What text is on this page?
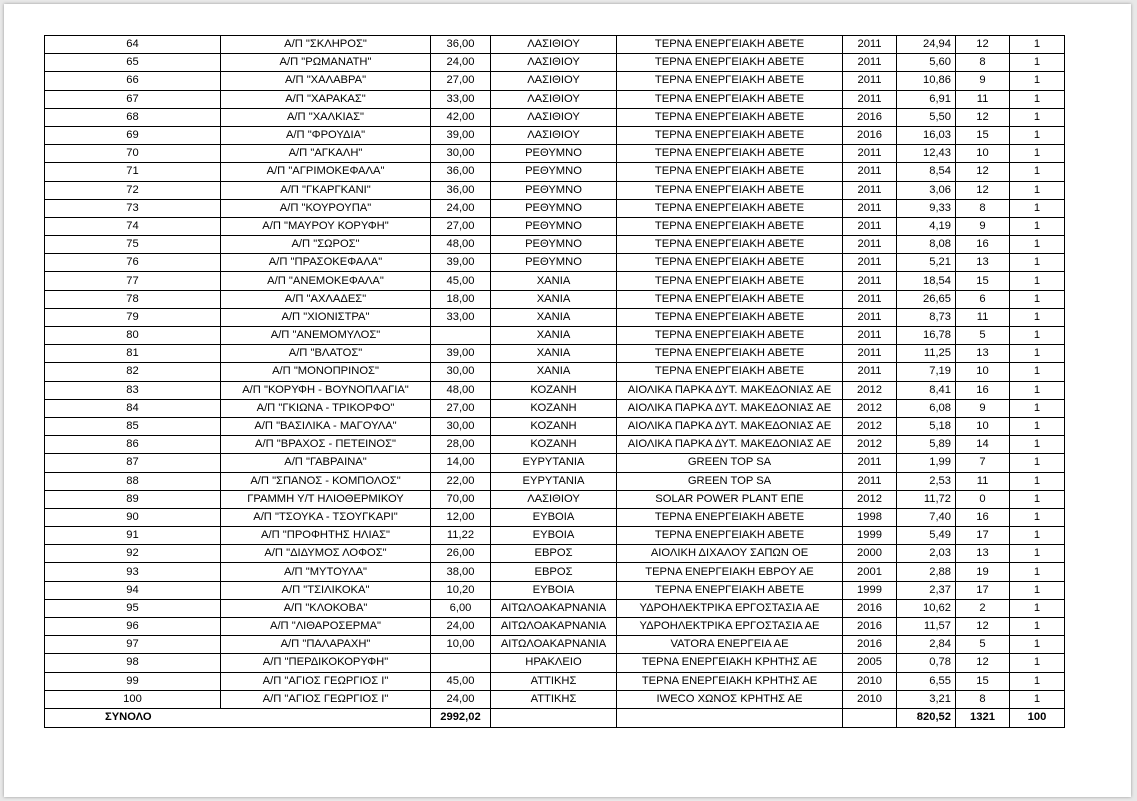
64	Α/Π "ΣΚΛΗΡΟΣ"	36,00	ΛΑΣΙΘΙΟΥ	ΤΕΡΝΑ ΕΝΕΡΓΕΙΑΚΗ ΑΒΕΤΕ	2011	24,94	12	1
65	Α/Π "ΡΩΜΑΝΑΤΗ"	24,00	ΛΑΣΙΘΙΟΥ	ΤΕΡΝΑ ΕΝΕΡΓΕΙΑΚΗ ΑΒΕΤΕ	2011	5,60	8	1
66	Α/Π "ΧΑΛΑΒΡΑ"	27,00	ΛΑΣΙΘΙΟΥ	ΤΕΡΝΑ ΕΝΕΡΓΕΙΑΚΗ ΑΒΕΤΕ	2011	10,86	9	1
67	Α/Π "ΧΑΡΑΚΑΣ"	33,00	ΛΑΣΙΘΙΟΥ	ΤΕΡΝΑ ΕΝΕΡΓΕΙΑΚΗ ΑΒΕΤΕ	2011	6,91	11	1
68	Α/Π "ΧΑΛΚΙΑΣ"	42,00	ΛΑΣΙΘΙΟΥ	ΤΕΡΝΑ ΕΝΕΡΓΕΙΑΚΗ ΑΒΕΤΕ	2016	5,50	12	1
69	Α/Π "ΦΡΟΥΔΙΑ"	39,00	ΛΑΣΙΘΙΟΥ	ΤΕΡΝΑ ΕΝΕΡΓΕΙΑΚΗ ΑΒΕΤΕ	2016	16,03	15	1
70	Α/Π "ΑΓΚΑΛΗ"	30,00	ΡΕΘΥΜΝΟ	ΤΕΡΝΑ ΕΝΕΡΓΕΙΑΚΗ ΑΒΕΤΕ	2011	12,43	10	1
71	Α/Π "ΑΓΡΙΜΟΚΕΦΑΛΑ"	36,00	ΡΕΘΥΜΝΟ	ΤΕΡΝΑ ΕΝΕΡΓΕΙΑΚΗ ΑΒΕΤΕ	2011	8,54	12	1
72	Α/Π "ΓΚΑΡΓΚΑΝΙ"	36,00	ΡΕΘΥΜΝΟ	ΤΕΡΝΑ ΕΝΕΡΓΕΙΑΚΗ ΑΒΕΤΕ	2011	3,06	12	1
73	Α/Π "ΚΟΥΡΟΥΠΑ"	24,00	ΡΕΘΥΜΝΟ	ΤΕΡΝΑ ΕΝΕΡΓΕΙΑΚΗ ΑΒΕΤΕ	2011	9,33	8	1
74	Α/Π "ΜΑΥΡΟΥ ΚΟΡΥΦΗ"	27,00	ΡΕΘΥΜΝΟ	ΤΕΡΝΑ ΕΝΕΡΓΕΙΑΚΗ ΑΒΕΤΕ	2011	4,19	9	1
75	Α/Π "ΣΩΡΟΣ"	48,00	ΡΕΘΥΜΝΟ	ΤΕΡΝΑ ΕΝΕΡΓΕΙΑΚΗ ΑΒΕΤΕ	2011	8,08	16	1
76	Α/Π "ΠΡΑΣΟΚΕΦΑΛΑ"	39,00	ΡΕΘΥΜΝΟ	ΤΕΡΝΑ ΕΝΕΡΓΕΙΑΚΗ ΑΒΕΤΕ	2011	5,21	13	1
77	Α/Π "ΑΝΕΜΟΚΕΦΑΛΑ"	45,00	ΧΑΝΙΑ	ΤΕΡΝΑ ΕΝΕΡΓΕΙΑΚΗ ΑΒΕΤΕ	2011	18,54	15	1
78	Α/Π "ΑΧΛΑΔΕΣ"	18,00	ΧΑΝΙΑ	ΤΕΡΝΑ ΕΝΕΡΓΕΙΑΚΗ ΑΒΕΤΕ	2011	26,65	6	1
79	Α/Π "ΧΙΟΝΙΣΤΡΑ"	33,00	ΧΑΝΙΑ	ΤΕΡΝΑ ΕΝΕΡΓΕΙΑΚΗ ΑΒΕΤΕ	2011	8,73	11	1
80	Α/Π "ΑΝΕΜΟΜΥΛΟΣ"		ΧΑΝΙΑ	ΤΕΡΝΑ ΕΝΕΡΓΕΙΑΚΗ ΑΒΕΤΕ	2011	16,78	5	1
81	Α/Π "ΒΛΑΤΟΣ"	39,00	ΧΑΝΙΑ	ΤΕΡΝΑ ΕΝΕΡΓΕΙΑΚΗ ΑΒΕΤΕ	2011	11,25	13	1
82	Α/Π "ΜΟΝΟΠΡΙΝΟΣ"	30,00	ΧΑΝΙΑ	ΤΕΡΝΑ ΕΝΕΡΓΕΙΑΚΗ ΑΒΕΤΕ	2011	7,19	10	1
83	Α/Π "ΚΟΡΥΦΗ - ΒΟΥΝΟΠΛΑΓΙΑ"	48,00	ΚΟΖΑΝΗ	ΑΙΟΛΙΚΑ ΠΑΡΚΑ ΔΥΤ. ΜΑΚΕΔΟΝΙΑΣ ΑΕ	2012	8,41	16	1
84	Α/Π "ΓΚΙΩΝΑ - ΤΡΙΚΟΡΦΟ"	27,00	ΚΟΖΑΝΗ	ΑΙΟΛΙΚΑ ΠΑΡΚΑ ΔΥΤ. ΜΑΚΕΔΟΝΙΑΣ ΑΕ	2012	6,08	9	1
85	Α/Π "ΒΑΣΙΛΙΚΑ - ΜΑΓΟΥΛΑ"	30,00	ΚΟΖΑΝΗ	ΑΙΟΛΙΚΑ ΠΑΡΚΑ ΔΥΤ. ΜΑΚΕΔΟΝΙΑΣ ΑΕ	2012	5,18	10	1
86	Α/Π "ΒΡΑΧΟΣ - ΠΕΤΕΙΝΟΣ"	28,00	ΚΟΖΑΝΗ	ΑΙΟΛΙΚΑ ΠΑΡΚΑ ΔΥΤ. ΜΑΚΕΔΟΝΙΑΣ ΑΕ	2012	5,89	14	1
87	Α/Π "ΓΑΒΡΑΙΝΑ"	14,00	ΕΥΡΥΤΑΝΙΑ	GREEN TOP SA	2011	1,99	7	1
88	Α/Π "ΣΠΑΝΟΣ - ΚΟΜΠΟΛΟΣ"	22,00	ΕΥΡΥΤΑΝΙΑ	GREEN TOP SA	2011	2,53	11	1
89	ΓΡΑΜΜΗ Υ/Τ ΗΛΙΟΘΕΡΜΙΚΟΥ	70,00	ΛΑΣΙΘΙΟΥ	SOLAR POWER PLANT ΕΠΕ	2012	11,72	0	1
90	Α/Π "ΤΣΟΥΚΑ - ΤΣΟΥΓΚΑΡΙ"	12,00	ΕΥΒΟΙΑ	ΤΕΡΝΑ ΕΝΕΡΓΕΙΑΚΗ ΑΒΕΤΕ	1998	7,40	16	1
91	Α/Π "ΠΡΟΦΗΤΗΣ ΗΛΙΑΣ"	11,22	ΕΥΒΟΙΑ	ΤΕΡΝΑ ΕΝΕΡΓΕΙΑΚΗ ΑΒΕΤΕ	1999	5,49	17	1
92	Α/Π "ΔΙΔΥΜΟΣ ΛΟΦΟΣ"	26,00	ΕΒΡΟΣ	ΑΙΟΛΙΚΗ ΔΙΧΑΛΟΥ ΣΑΠΩΝ ΟΕ	2000	2,03	13	1
93	Α/Π "ΜΥΤΟΥΛΑ"	38,00	ΕΒΡΟΣ	ΤΕΡΝΑ ΕΝΕΡΓΕΙΑΚΗ ΕΒΡΟΥ ΑΕ	2001	2,88	19	1
94	Α/Π "ΤΣΙΛΙΚΟΚΑ"	10,20	ΕΥΒΟΙΑ	ΤΕΡΝΑ ΕΝΕΡΓΕΙΑΚΗ ΑΒΕΤΕ	1999	2,37	17	1
95	Α/Π "ΚΛΟΚΟΒΑ"	6,00	ΑΙΤΩΛΟΑΚΑΡΝΑΝΙΑ	ΥΔΡΟΗΛΕΚΤΡΙΚΑ ΕΡΓΟΣΤΑΣΙΑ ΑΕ	2016	10,62	2	1
96	Α/Π "ΛΙΘΑΡΟΣΕΡΜΑ"	24,00	ΑΙΤΩΛΟΑΚΑΡΝΑΝΙΑ	ΥΔΡΟΗΛΕΚΤΡΙΚΑ ΕΡΓΟΣΤΑΣΙΑ ΑΕ	2016	11,57	12	1
97	Α/Π "ΠΑΛΑΡΑΧΗ"	10,00	ΑΙΤΩΛΟΑΚΑΡΝΑΝΙΑ	VATORA ΕΝΕΡΓΕΙΑ ΑΕ	2016	2,84	5	1
98	Α/Π "ΠΕΡΔΙΚΟΚΟΡΥΦΗ"		ΗΡΑΚΛΕΙΟ	ΤΕΡΝΑ ΕΝΕΡΓΕΙΑΚΗ ΚΡΗΤΗΣ ΑΕ	2005	0,78	12	1
99	Α/Π "ΑΓΙΟΣ ΓΕΩΡΓΙΟΣ Ι"	45,00	ΑΤΤΙΚΗΣ	ΤΕΡΝΑ ΕΝΕΡΓΕΙΑΚΗ ΚΡΗΤΗΣ ΑΕ	2010	6,55	15	1
100	Α/Π "ΑΓΙΟΣ ΓΕΩΡΓΙΟΣ Ι"	24,00	ΑΤΤΙΚΗΣ	IWECO ΧΩΝΟΣ ΚΡΗΤΗΣ ΑΕ	2010	3,21	8	1
ΣΥΝΟΛΟ		2992,02				820,52	1321	100
